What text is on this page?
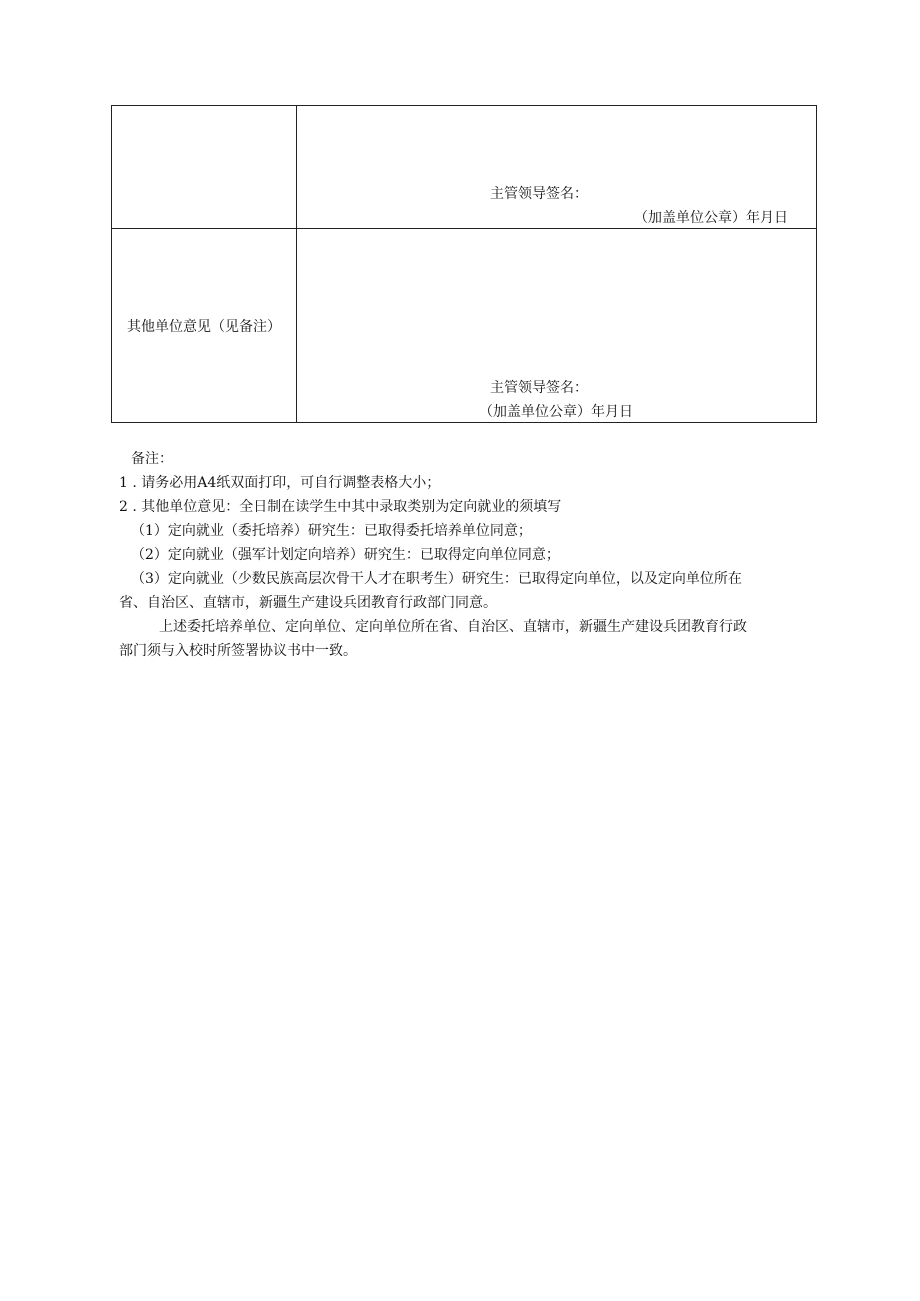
	主管领导签名：
（加盖单位公章）年月日

其他单位意见（见备注）	主管领导签名：
（加盖单位公章）年月日
备注：
1 . 请务必用A4纸双面打印，可自行调整表格大小；
2 . 其他单位意见：全日制在读学生中其中录取类别为定向就业的须填写
（1）定向就业（委托培养）研究生：已取得委托培养单位同意；
（2）定向就业（强军计划定向培养）研究生：已取得定向单位同意；
（3）定向就业（少数民族高层次骨干人才在职考生）研究生：已取得定向单位，以及定向单位所在
省、自治区、直辖市，新疆生产建设兵团教育行政部门同意。
上述委托培养单位、定向单位、定向单位所在省、自治区、直辖市，新疆生产建设兵团教育行政
部门须与入校时所签署协议书中一致。
